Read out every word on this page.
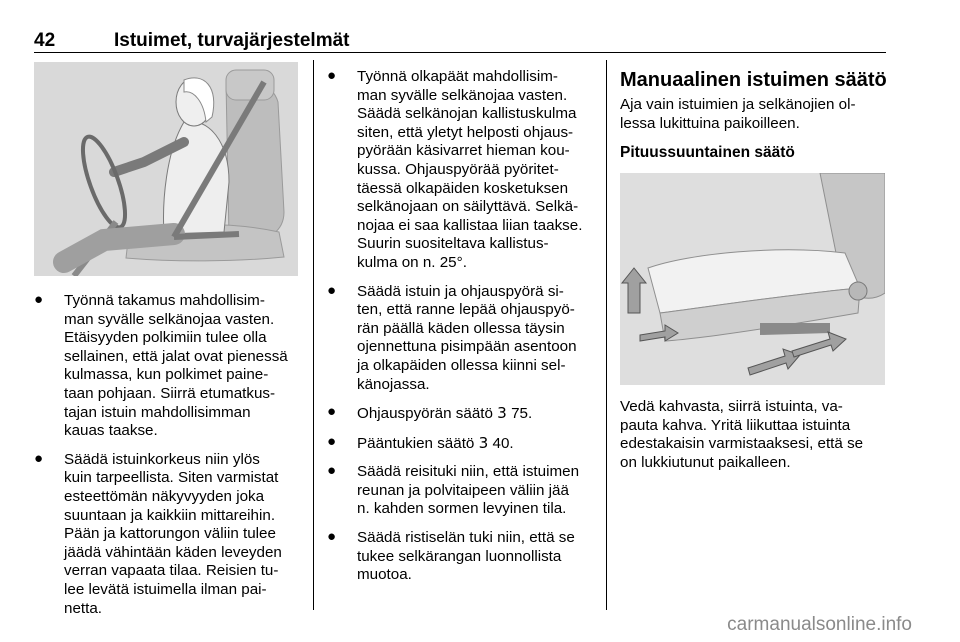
42	Istuimet, turvajärjestelmät
● Työnnä takamus mahdollisim-
man syvälle selkänojaa vasten.
Etäisyyden polkimiin tulee olla
sellainen, että jalat ovat pienessä
kulmassa, kun polkimet paine-
taan pohjaan. Siirrä etumatkus-
tajan istuin mahdollisimman
kauas taakse.
● Säädä istuinkorkeus niin ylös
kuin tarpeellista. Siten varmistat
esteettömän näkyvyyden joka
suuntaan ja kaikkiin mittareihin.
Pään ja kattorungon väliin tulee
jäädä vähintään käden leveyden
verran vapaata tilaa. Reisien tu-
lee levätä istuimella ilman pai-
netta.
● Työnnä olkapäät mahdollisim-
man syvälle selkänojaa vasten.
Säädä selkänojan kallistuskulma
siten, että yletyt helposti ohjaus-
pyörään käsivarret hieman kou-
kussa. Ohjauspyörää pyöritet-
täessä olkapäiden kosketuksen
selkänojaan on säilyttävä. Selkä-
nojaa ei saa kallistaa liian taakse.
Suurin suositeltava kallistus-
kulma on n. 25°.
● Säädä istuin ja ohjauspyörä si-
ten, että ranne lepää ohjauspyö-
rän päällä käden ollessa täysin
ojennettuna pisimpään asentoon
ja olkapäiden ollessa kiinni sel-
känojassa.
● Ohjauspyörän säätö 3 75.
● Pääntukien säätö 3 40.
● Säädä reisituki niin, että istuimen
reunan ja polvitaipeen väliin jää
n. kahden sormen levyinen tila.
● Säädä ristiselän tuki niin, että se
tukee selkärangan luonnollista
muotoa.
Manuaalinen istuimen säätö

Aja vain istuimien ja selkänojien ol-
lessa lukittuina paikoilleen.

Pituussuuntainen säätö

Vedä kahvasta, siirrä istuinta, va-
pauta kahva. Yritä liikuttaa istuinta
edestakaisin varmistaaksesi, että se
on lukkiutunut paikalleen.

carmanualsonline.info
